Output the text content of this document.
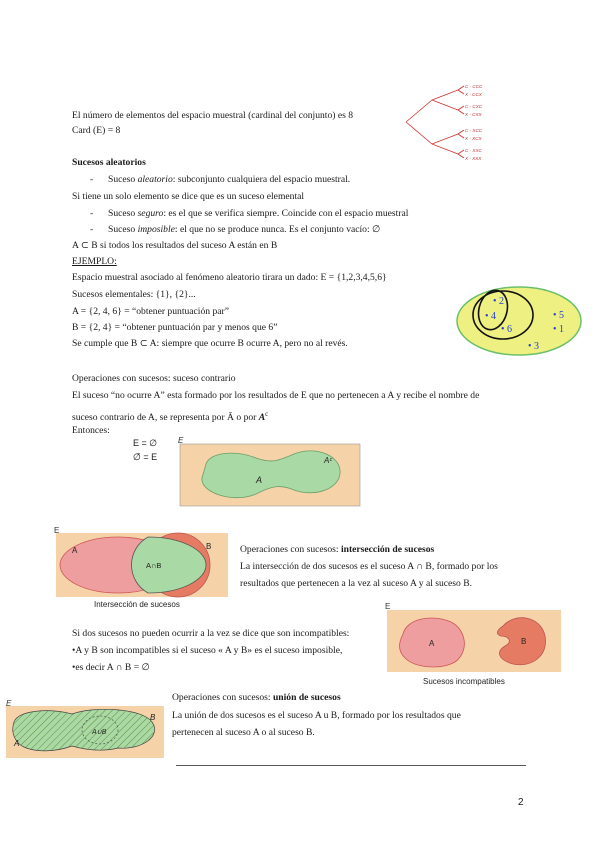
El número de elementos del espacio muestral (cardinal del conjunto) es 8
Card (E) = 8
C - CCC
X - CCX
C - CXC
X - CXX
C - XCC
X - XCX
C - XXC
X - XXX
Sucesos aleatorios
- Suceso aleatorio: subconjunto cualquiera del espacio muestral.
Si tiene un solo elemento se dice que es un suceso elemental
- Suceso seguro: es el que se verifica siempre. Coincide con el espacio muestral
- Suceso imposible: el que no se produce nunca. Es el conjunto vacío: ∅
A ⊂ B si todos los resultados del suceso A están en B
EJEMPLO:
Espacio muestral asociado al fenómeno aleatorio tirara un dado: E = {1,2,3,4,5,6}
Sucesos elementales: {1}, {2}...
A = {2, 4, 6} = “obtener puntuación par”
B = {2, 4} = “obtener puntuación par y menos que 6”
Se cumple que B ⊂ A: siempre que ocurre B ocurre A, pero no al revés.
• 2
• 4
• 6
• 5
• 1
• 3
Operaciones con sucesos: suceso contrario
El suceso “no ocurre A” esta formado por los resultados de E que no pertenecen a A y recibe el nombre de
suceso contrario de A, se representa por Ā o por $A^c$
Entonces:
E = ∅
∅̄ = E
E
A
Aᶜ
E
A	B
A∩B
Intersección de sucesos
Operaciones con sucesos: intersección de sucesos
La intersección de dos sucesos es el suceso A ∩ B, formado por los
resultados que pertenecen a la vez al suceso A y al suceso B.
Si dos sucesos no pueden ocurrir a la vez se dice que son incompatibles:
•A y B son incompatibles si el suceso « A y B» es el suceso imposible,
•es decir A ∩ B = ∅
E
A	B
Sucesos incompatibles
E
A
B
A∪B
Operaciones con sucesos: unión de sucesos
La unión de dos sucesos es el suceso A u B, formado por los resultados que
pertenecen al suceso A o al suceso B.
2
